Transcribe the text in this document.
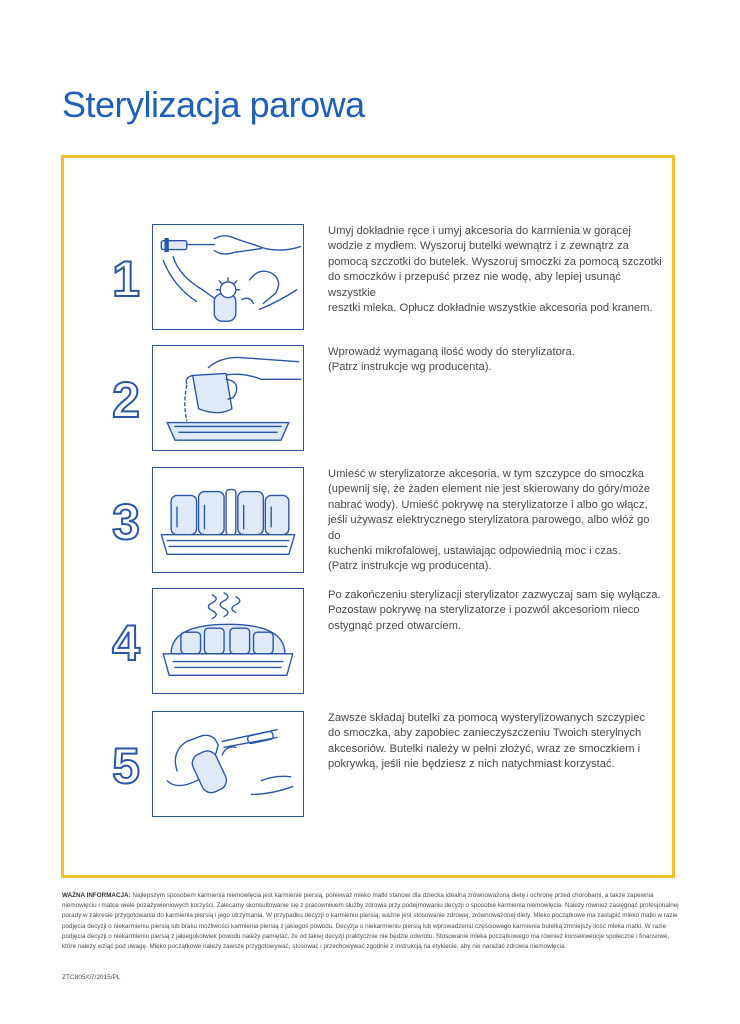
Sterylizacja parowa
1
Umyj dokładnie ręce i umyj akcesoria do karmienia w gorącej
wodzie z mydłem. Wyszoruj butelki wewnątrz i z zewnątrz za
pomocą szczotki do butelek. Wyszoruj smoczki za pomocą szczotki
do smoczków i przepuść przez nie wodę, aby lepiej usunąć wszystkie
resztki mleka. Opłucz dokładnie wszystkie akcesoria pod kranem.
2
Wprowadź wymaganą ilość wody do sterylizatora.
(Patrz instrukcje wg producenta).
3
Umieść w sterylizatorze akcesoria, w tym szczypce do smoczka
(upewnij się, że żaden element nie jest skierowany do góry/może
nabrać wody). Umieść pokrywę na sterylizatorze i albo go włącz,
jeśli używasz elektrycznego sterylizatora parowego, albo włóż go do
kuchenki mikrofalowej, ustawiając odpowiednią moc i czas.
(Patrz instrukcje wg producenta).
4
Po zakończeniu sterylizacji sterylizator zazwyczaj sam się wyłącza.
Pozostaw pokrywę na sterylizatorze i pozwól akcesoriom nieco
ostygnąć przed otwarciem.
5
Zawsze składaj butelki za pomocą wysterylizowanych szczypiec
do smoczka, aby zapobiec zanieczyszczeniu Twoich sterylnych
akcesoriów. Butelki należy w pełni złożyć, wraz ze smoczkiem i
pokrywką, jeśli nie będziesz z nich natychmiast korzystać.
WAŻNA INFORMACJA: Najlepszym sposobem karmienia niemowlęcia jest karmienie piersią, ponieważ mleko matki stanowi dla dziecka idealną zrównoważoną dietę i ochronę przed chorobami, a także zapewnia niemowlęciu i matce wiele pozażywieniowych korzyści. Zalecamy skonsultowanie się z pracownikiem służby zdrowia przy podejmowaniu decyzji o sposobie karmienia niemowlęcia. Należy również zasięgnąć profesjonalnej porady w zakresie przygotowania do karmienia piersią i jego utrzymania. W przypadku decyzji o karmieniu piersią, ważne jest stosowanie zdrowej, zrównoważonej diety. Mleko początkowe ma zastąpić mleko matki w razie podjęcia decyzji o niekarmieniu piersią lub braku możliwości karmienia piersią z jakiegoś powodu. Decyzja o niekarmieniu piersią lub wprowadzeniu częściowego karmienia butelką zmniejszy ilość mleka matki. W razie podjęcia decyzji o niekarmieniu piersią z jakiegokolwiek powodu należy pamiętać, że od takiej decyzji praktycznie nie będzie odwrotu. Stosowanie mleka początkowego ma również konsekwencje społeczne i finansowe, które należy wziąć pod uwagę. Mleko początkowe należy zawsze przygotowywać, stosować i przechowywać zgodnie z instrukcją na etykiecie, aby nie narażać zdrowia niemowlęcia.
ZTC805/07/2015/PL
